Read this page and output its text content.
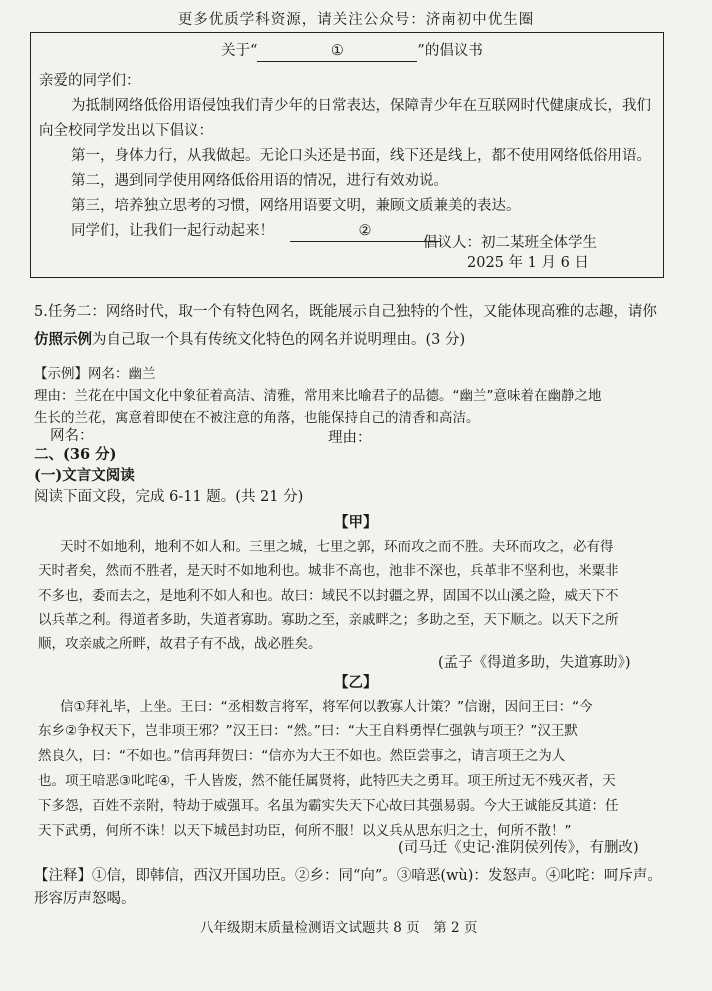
更多优质学科资源，请关注公众号：济南初中优生圈
关于“	①	”的倡议书
亲爱的同学们：
为抵制网络低俗用语侵蚀我们青少年的日常表达，保障青少年在互联网时代健康成长，我们
向全校同学发出以下倡议：
第一，身体力行，从我做起。无论口头还是书面，线下还是线上，都不使用网络低俗用语。
第二，遇到同学使用网络低俗用语的情况，进行有效劝说。
第三，培养独立思考的习惯，网络用语要文明，兼顾文质兼美的表达。
同学们，让我们一起行动起来！	②
倡议人：初二某班全体学生
2025 年 1 月 6 日
5.任务二：网络时代，取一个有特色网名，既能展示自己独特的个性，又能体现高雅的志趣，请你
仿照示例为自己取一个具有传统文化特色的网名并说明理由。(3 分)
【示例】网名：幽兰
理由：兰花在中国文化中象征着高洁、清雅，常用来比喻君子的品德。“幽兰”意味着在幽静之地
生长的兰花，寓意着即使在不被注意的角落，也能保持自己的清香和高洁。
网名：	理由：
二、(36 分)
(一)文言文阅读
阅读下面文段，完成 6-11 题。(共 21 分)
【甲】
天时不如地利，地利不如人和。三里之城，七里之郭，环而攻之而不胜。夫环而攻之，必有得
天时者矣，然而不胜者，是天时不如地利也。城非不高也，池非不深也，兵革非不坚利也，米粟非
不多也，委而去之，是地利不如人和也。故曰：域民不以封疆之界，固国不以山溪之险，威天下不
以兵革之利。得道者多助，失道者寡助。寡助之至，亲戚畔之；多助之至，天下顺之。以天下之所
顺，攻亲戚之所畔，故君子有不战，战必胜矣。
(孟子《得道多助，失道寡助》)
【乙】
信①拜礼毕，上坐。王曰：“丞相数言将军，将军何以教寡人计策？”信谢，因问王曰：“今
东乡②争权天下，岂非项王邪？”汉王曰：“然。”曰：“大王自料勇悍仁强孰与项王？”汉王默
然良久，曰：“不如也。”信再拜贺曰：“信亦为大王不如也。然臣尝事之，请言项王之为人
也。项王喑恶③叱咤④，千人皆废，然不能任属贤将，此特匹夫之勇耳。项王所过无不残灭者，天
下多怨，百姓不亲附，特劫于威强耳。名虽为霸实失天下心故曰其强易弱。今大王诚能反其道：任
天下武勇，何所不诛！以天下城邑封功臣，何所不服！以义兵从思东归之士，何所不散！”
(司马迁《史记·淮阴侯列传》，有删改)
【注释】①信，即韩信，西汉开国功臣。②乡：同“向”。③喑恶(wù)：发怒声。④叱咤：呵斥声。
形容厉声怒喝。
八年级期末质量检测语文试题共 8 页　第 2 页
